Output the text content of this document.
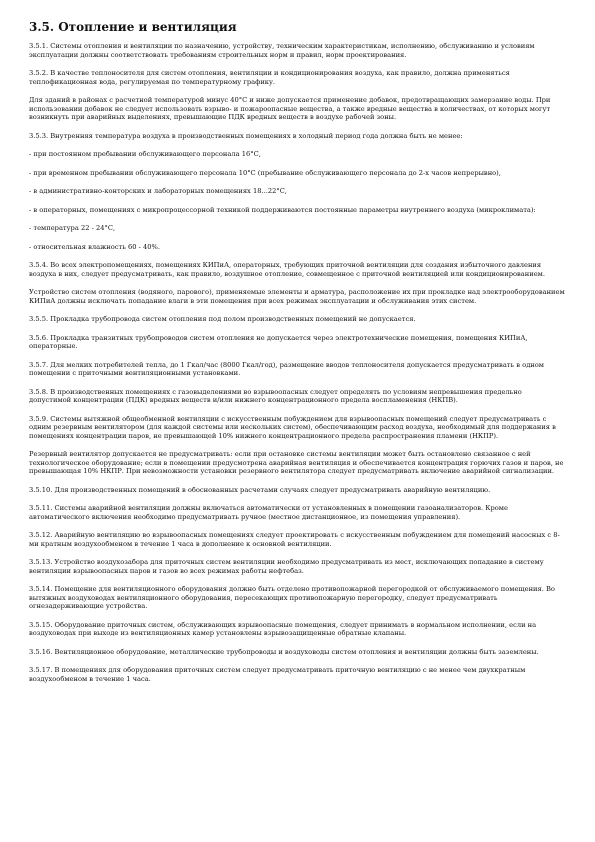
3.5. Отопление и вентиляция

3.5.1. Системы отопления и вентиляции по назначению, устройству, техническим характеристикам, исполнению, обслуживанию и условиям эксплуатации должны соответствовать требованиям строительных норм и правил, норм проектирования.

3.5.2. В качестве теплоносителя для систем отопления, вентиляции и кондиционирования воздуха, как правило, должна применяться теплофикационная вода, регулируемая по температурному графику.

Для зданий в районах с расчетной температурой минус 40°С и ниже допускается применение добавок, предотвращающих замерзание воды. При использовании добавок не следует использовать взрыво- и пожароопасные вещества, а также вредные вещества в количествах, от которых могут возникнуть при аварийных выделениях, превышающие ПДК вредных веществ в воздухе рабочей зоны.

3.5.3. Внутренняя температура воздуха в производственных помещениях в холодный период года должна быть не менее:

- при постоянном пребывании обслуживающего персонала 16°С,

- при временном пребывании обслуживающего персонала 10°С (пребывание обслуживающего персонала до 2-х часов непрерывно),

- в административно-конторских и лабораторных помещениях 18...22°С,

- в операторных, помещениях с микропроцессорной техникой поддерживаются постоянные параметры внутреннего воздуха (микроклимата):

- температура 22 - 24°С,

- относительная влажность 60 - 40%.

3.5.4. Во всех электропомещениях, помещениях КИПиА, операторных, требующих приточной вентиляции для создания избыточного давления воздуха в них, следует предусматривать, как правило, воздушное отопление, совмещенное с приточной вентиляцией или кондиционированием.

Устройство систем отопления (водяного, парового), применяемые элементы и арматура, расположение их при прокладке над электрооборудованием КИПиА должны исключать попадание влаги в эти помещения при всех режимах эксплуатации и обслуживания этих систем.

3.5.5. Прокладка трубопровода систем отопления под полом производственных помещений не допускается.

3.5.6. Прокладка транзитных трубопроводов систем отопления не допускается через электротехнические помещения, помещения КИПиА, операторные.

3.5.7. Для мелких потребителей тепла, до 1 Гкал/час (8000 Гкал/год), размещение вводов теплоносителя допускается предусматривать в одном помещении с приточными вентиляционными установками.

3.5.8. В производственных помещениях с газовыделениями во взрывоопасных следует определять по условиям непревышения предельно допустимой концентрации (ПДК) вредных веществ и/или нижнего концентрационного предела воспламенения (НКПВ).

3.5.9. Системы вытяжной общеобменной вентиляции с искусственным побуждением для взрывоопасных помещений следует предусматривать с одним резервным вентилятором (для каждой системы или нескольких систем), обеспечивающим расход воздуха, необходимый для поддержания в помещениях концентрации паров, не превышающей 10% нижнего концентрационного предела распространения пламени (НКПР).

Резервный вентилятор допускается не предусматривать: если при остановке системы вентиляции может быть остановлено связанное с ней технологическое оборудование; если в помещении предусмотрена аварийная вентиляция и обеспечивается концентрация горючих газов и паров, не превышающая 10% НКПР. При невозможности установки резервного вентилятора следует предусматривать включение аварийной сигнализации.

3.5.10. Для производственных помещений в обоснованных расчетами случаях следует предусматривать аварийную вентиляцию.

3.5.11. Системы аварийной вентиляции должны включаться автоматически от установленных в помещении газоанализаторов. Кроме автоматического включения необходимо предусматривать ручное (местное дистанционное, из помещения управления).

3.5.12. Аварийную вентиляцию во взрывоопасных помещениях следует проектировать с искусственным побуждением для помещений насосных с 8-ми кратным воздухообменом в течение 1 часа в дополнение к основной вентиляции.

3.5.13. Устройство воздухозабора для приточных систем вентиляции необходимо предусматривать из мест, исключающих попадание в систему вентиляции взрывоопасных паров и газов во всех режимах работы нефтебаз.

3.5.14. Помещение для вентиляционного оборудования должно быть отделено противопожарной перегородкой от обслуживаемого помещения. Во вытяжных воздуховодах вентиляционного оборудования, пересекающих противопожарную перегородку, следует предусматривать огнезадерживающие устройства.

3.5.15. Оборудование приточных систем, обслуживающих взрывоопасные помещения, следует принимать в нормальном исполнении, если на воздуховодах при выходе из вентиляционных камер установлены взрывозащищенные обратные клапаны.

3.5.16. Вентиляционное оборудование, металлические трубопроводы и воздуховоды систем отопления и вентиляции должны быть заземлены.

3.5.17. В помещениях для оборудования приточных систем следует предусматривать приточную вентиляцию с не менее чем двухкратным воздухообменом в течение 1 часа.
